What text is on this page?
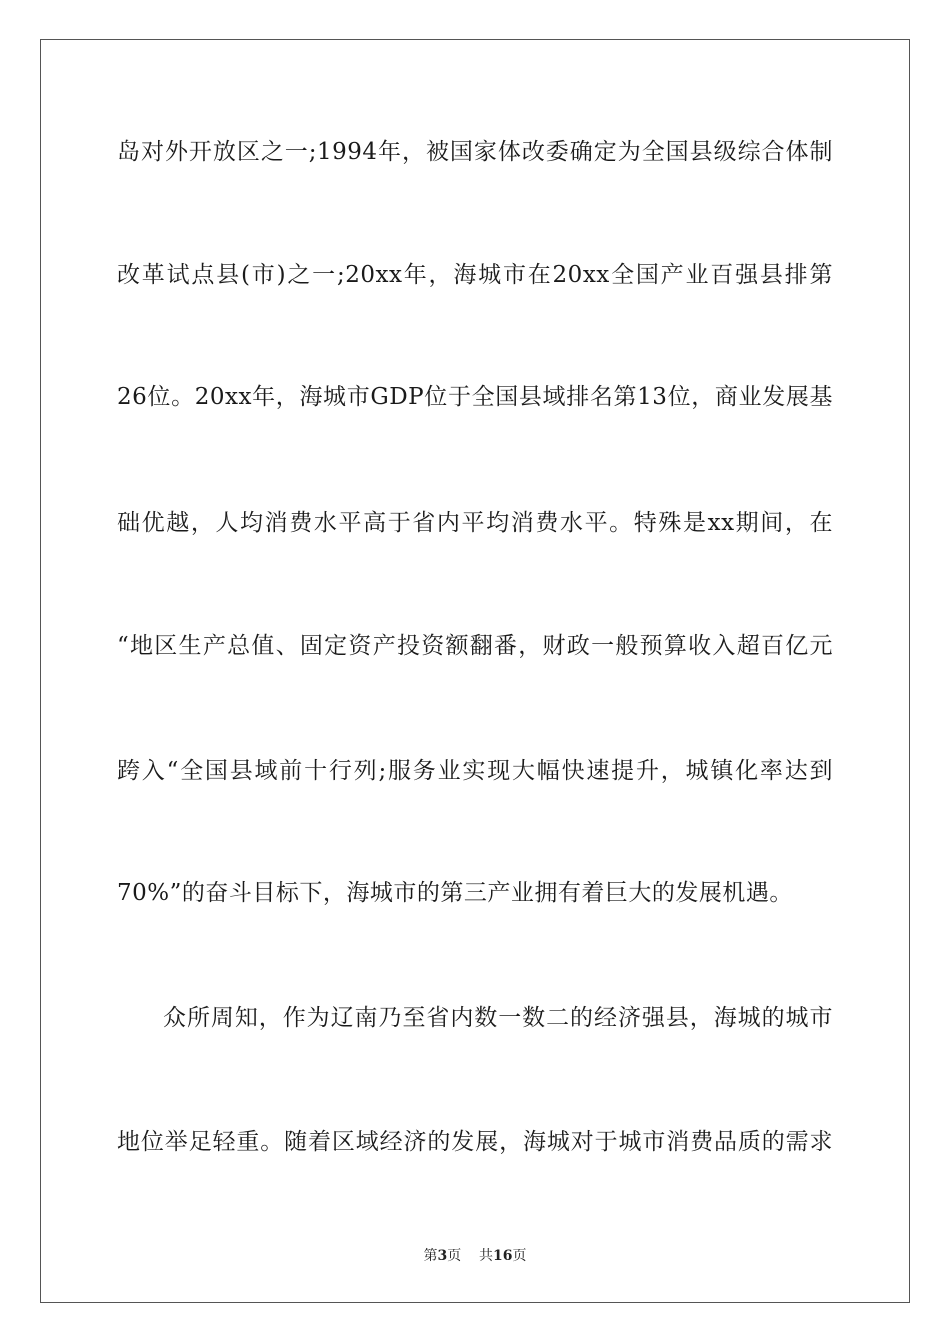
岛对外开放区之一;1994年，被国家体改委确定为全国县级综合体制
改革试点县(市)之一;20xx年，海城市在20xx全国产业百强县排第
26位。20xx年，海城市GDP位于全国县域排名第13位，商业发展基
础优越，人均消费水平高于省内平均消费水平。特殊是xx期间，在
“地区生产总值、固定资产投资额翻番，财政一般预算收入超百亿元
跨入“全国县域前十行列;服务业实现大幅快速提升，城镇化率达到
70%”的奋斗目标下，海城市的第三产业拥有着巨大的发展机遇。
众所周知，作为辽南乃至省内数一数二的经济强县，海城的城市
地位举足轻重。随着区域经济的发展，海城对于城市消费品质的需求
第3页 共16页
